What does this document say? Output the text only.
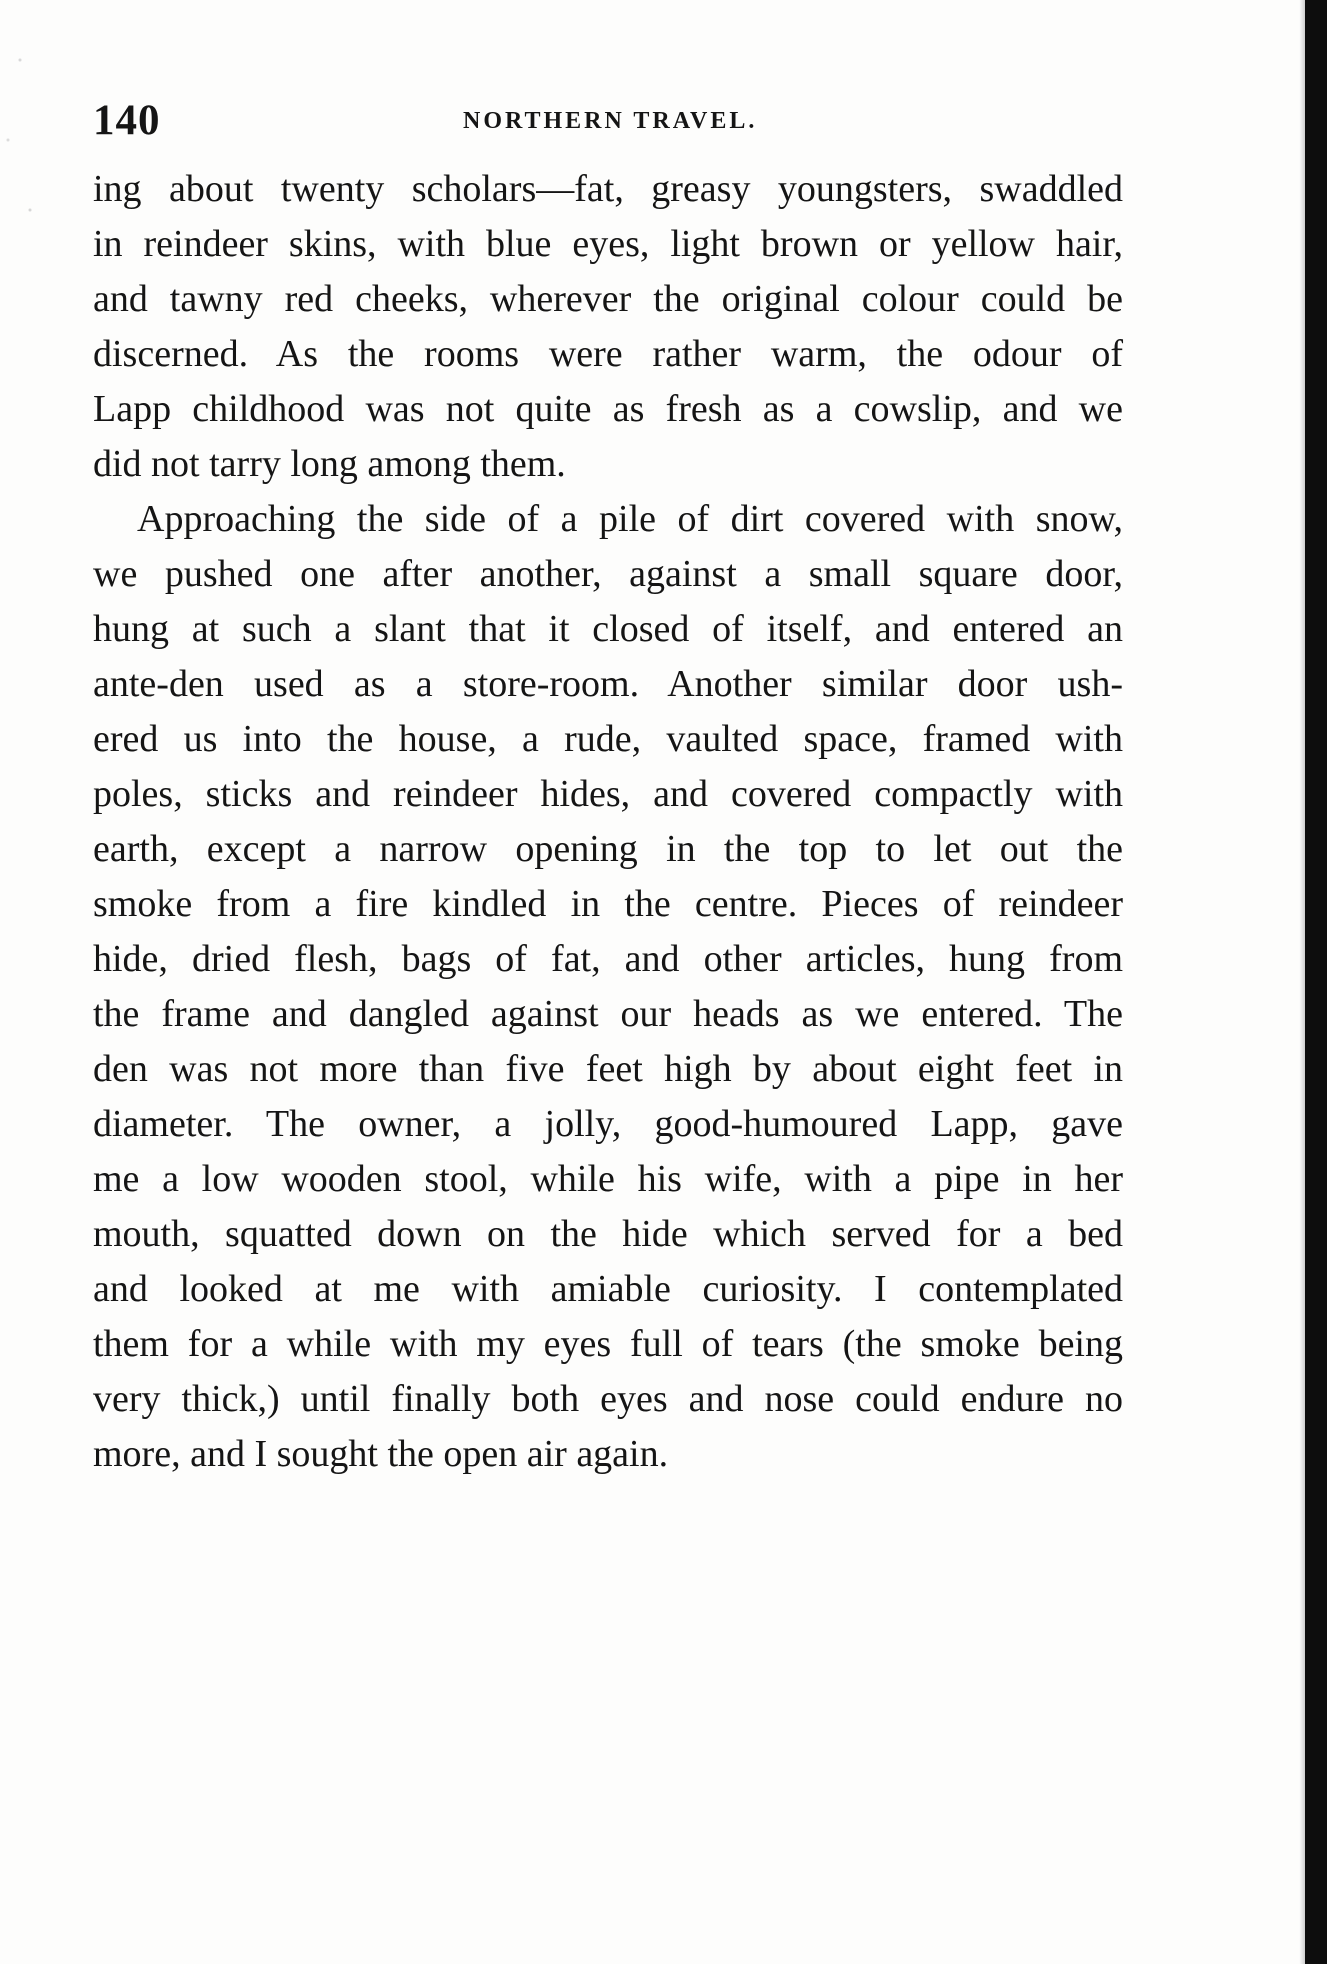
140	NORTHERN TRAVEL.
ing about twenty scholars—fat, greasy youngsters, swaddled
in reindeer skins, with blue eyes, light brown or yellow hair,
and tawny red cheeks, wherever the original colour could be
discerned. As the rooms were rather warm, the odour of
Lapp childhood was not quite as fresh as a cowslip, and we
did not tarry long among them.
Approaching the side of a pile of dirt covered with snow,
we pushed one after another, against a small square door,
hung at such a slant that it closed of itself, and entered an
ante-den used as a store-room. Another similar door ush-
ered us into the house, a rude, vaulted space, framed with
poles, sticks and reindeer hides, and covered compactly with
earth, except a narrow opening in the top to let out the
smoke from a fire kindled in the centre. Pieces of reindeer
hide, dried flesh, bags of fat, and other articles, hung from
the frame and dangled against our heads as we entered. The
den was not more than five feet high by about eight feet in
diameter. The owner, a jolly, good-humoured Lapp, gave
me a low wooden stool, while his wife, with a pipe in her
mouth, squatted down on the hide which served for a bed
and looked at me with amiable curiosity. I contemplated
them for a while with my eyes full of tears (the smoke being
very thick,) until finally both eyes and nose could endure no
more, and I sought the open air again.
